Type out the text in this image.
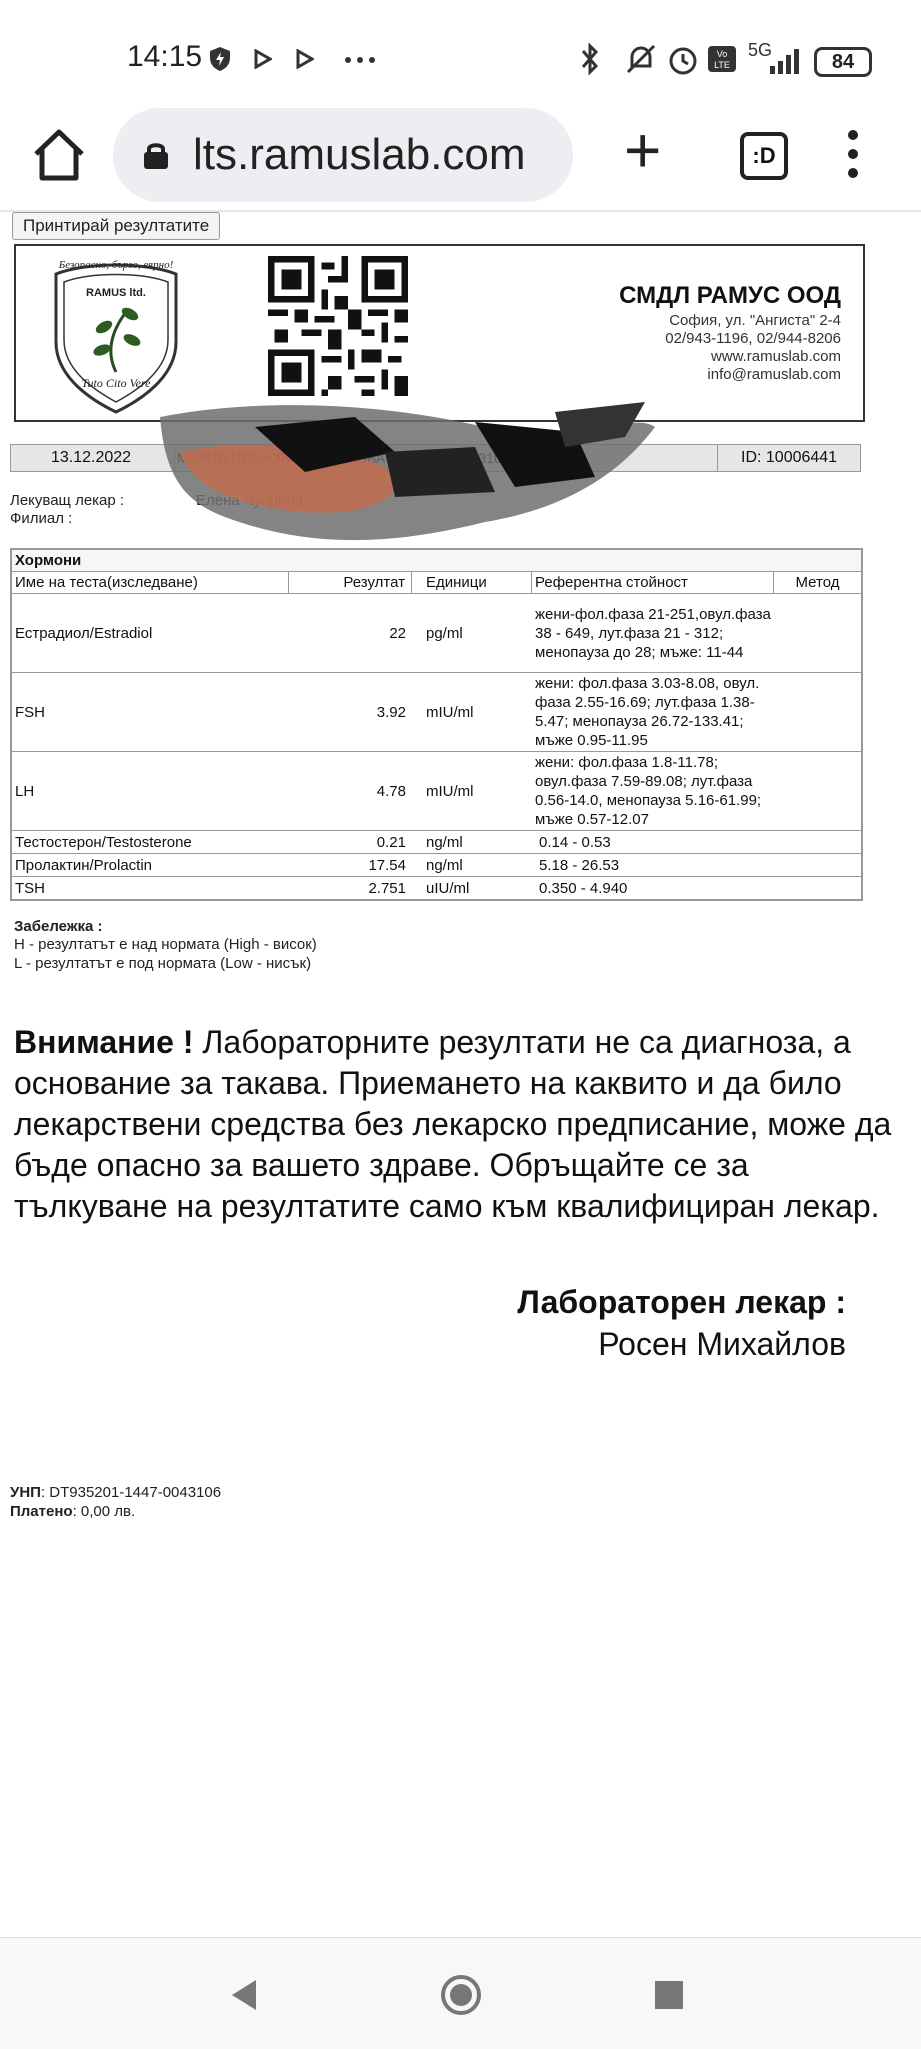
14:15	Vo
LTE
5G
84
lts.ramuslab.com +	:D
Принтирай резултатите
Безопасно, бързо, вярно!
RAMUS ltd.
Tuto Cito Vere
СМДЛ РАМУС ООД
София, ул. "Ангиста" 2-4
02/943-1196, 02/944-8206
www.ramuslab.com
info@ramuslab.com
13.12.2022	ID: 10006441
Лекуващ лекар :
Филиал :
Хормони
Име на теста(изследване)	Резултат	Единици	Референтна стойност	Метод
Естрадиол/Estradiol	22	pg/ml
жени-фол.фаза 21-251,овул.фаза 38 - 649, лут.фаза 21 - 312; менопауза до 28; мъже: 11-44
FSH	3.92	mIU/ml
жени: фол.фаза 3.03-8.08, овул. фаза 2.55-16.69; лут.фаза 1.38-5.47; менопауза 26.72-133.41; мъже 0.95-11.95
LH	4.78	mIU/ml
жени: фол.фаза 1.8-11.78; овул.фаза 7.59-89.08; лут.фаза 0.56-14.0, менопауза 5.16-61.99; мъже 0.57-12.07
Тестостерон/Testosterone	0.21	ng/ml	0.14 - 0.53
Пролактин/Prolactin	17.54	ng/ml	5.18 - 26.53
TSH	2.751	uIU/ml	0.350 - 4.940
Забележка :
H - резултатът е над нормата (High - висок)
L - резултатът е под нормата (Low - нисък)
Внимание ! Лабораторните резултати не са диагноза, а основание за такава. Приемането на каквито и да било лекарствени средства без лекарско предписание, може да бъде опасно за вашето здраве. Обръщайте се за тълкуване на резултатите само към квалифициран лекар.
Лабораторен лекар :
Росен Михайлов
УНП: DT935201-1447-0043106
Платено: 0,00 лв.
